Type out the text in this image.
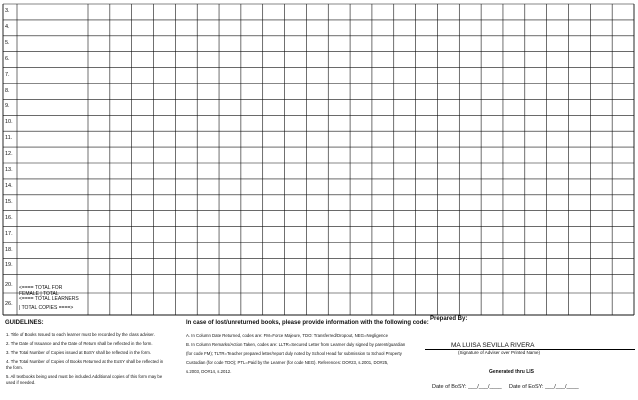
3.
4.
5.
6.
7.
8.
9.
10.
11.
12.
13.
14.
15.
16.
17.
18.
19.
20.
26.
<==== TOTAL FOR FEMALE | TOTAL
<==== TOTAL LEARNERS
| TOTAL COPIES ====>
GUIDELINES:
1. Title of Books Issued to each learner must be recorded by the class adviser.
2. The Date of Issuance and the Date of Return shall be reflected in the form.
3. The Total Number of Copies issued at BoSY shall be reflected in the form.
4. The Total Number of Copies of Books Returned at the EoSY shall be reflected in
the form.
5. All textbooks being used must be included.Additional copies of this form may be
used if needed.
In case of lost/unreturned books, please provide information with the following code:
A. In Column Date Returned, codes are: FM=Force Majeure, TDO: Transferred/Dropout, NEG=Negligence
B. In Column Remarks/Action Taken, codes are: LLTR=Secured Letter from Learner duly signed by parent/guardian
(for code FM); TLTR=Teacher prepared letter/report duly noted by School Head for submission to School Property
Custodian (for code TDO); PTL=Paid by the Learner (for code NEG). References: DO#23, s.2001, DO#25,
s.2003, DO#14, s.2012.
Prepared By:
MA LUISA SEVILLA RIVERA
(Signature of Adviser over Printed Name)
Generated thru LIS
Date of BoSY: ___/___/____ Date of EoSY: ___/___/____
